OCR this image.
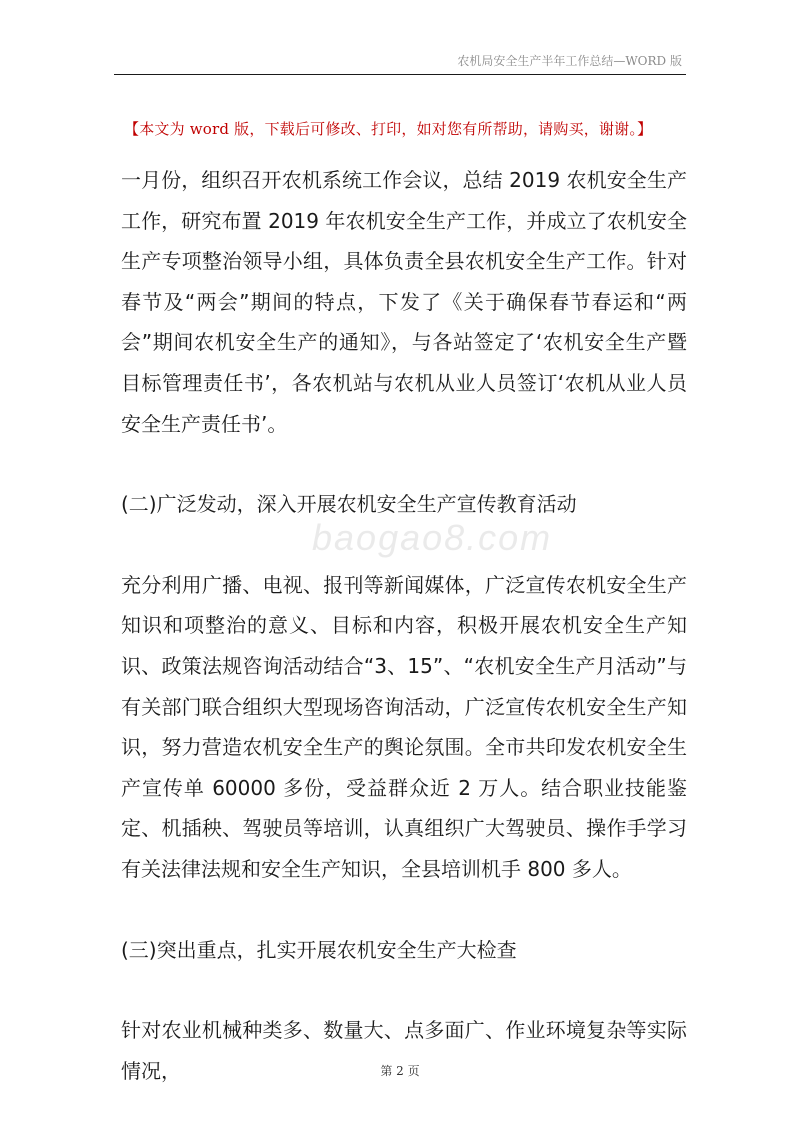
农机局安全生产半年工作总结—WORD 版
【本文为 word 版，下载后可修改、打印，如对您有所帮助，请购买，谢谢。】
baogao8.com

一月份，组织召开农机系统工作会议，总结 2019 农机安全生产工作，研究布置 2019 年农机安全生产工作，并成立了农机安全生产专项整治领导小组，具体负责全县农机安全生产工作。针对春节及“两会”期间的特点，下发了《关于确保春节春运和“两会”期间农机安全生产的通知》，与各站签定了‘农机安全生产暨目标管理责任书’，各农机站与农机从业人员签订‘农机从业人员安全生产责任书’。

(二)广泛发动，深入开展农机安全生产宣传教育活动

充分利用广播、电视、报刊等新闻媒体，广泛宣传农机安全生产知识和项整治的意义、目标和内容，积极开展农机安全生产知识、政策法规咨询活动结合“3、15”、“农机安全生产月活动”与有关部门联合组织大型现场咨询活动，广泛宣传农机安全生产知识，努力营造农机安全生产的舆论氛围。全市共印发农机安全生产宣传单 60000 多份，受益群众近 2 万人。结合职业技能鉴定、机插秧、驾驶员等培训，认真组织广大驾驶员、操作手学习有关法律法规和安全生产知识，全县培训机手 800 多人。

(三)突出重点，扎实开展农机安全生产大检查

针对农业机械种类多、数量大、点多面广、作业环境复杂等实际情况，	第 2 页
